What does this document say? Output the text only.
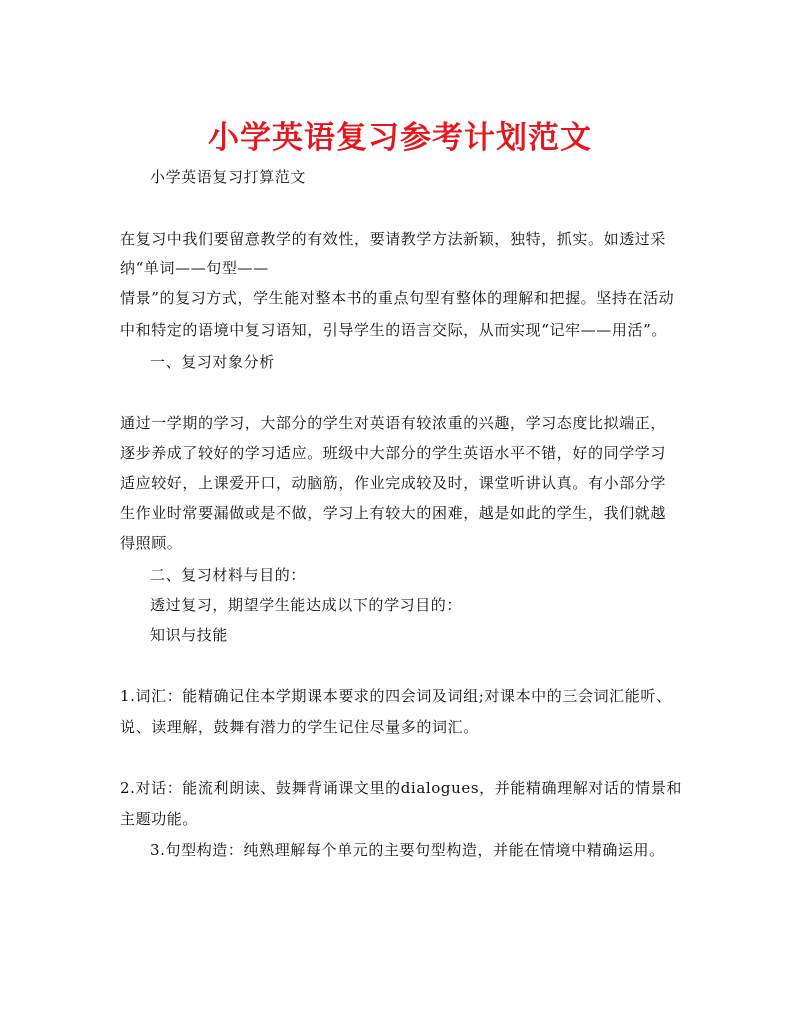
小学英语复习参考计划范文
小学英语复习打算范文
在复习中我们要留意教学的有效性，要请教学方法新颖，独特，抓实。如透过采
纳“单词——句型——
情景”的复习方式，学生能对整本书的重点句型有整体的理解和把握。坚持在活动
中和特定的语境中复习语知，引导学生的语言交际，从而实现“记牢——用活”。
一、复习对象分析
通过一学期的学习，大部分的学生对英语有较浓重的兴趣，学习态度比拟端正，
逐步养成了较好的学习适应。班级中大部分的学生英语水平不错，好的同学学习
适应较好，上课爱开口，动脑筋，作业完成较及时，课堂听讲认真。有小部分学
生作业时常要漏做或是不做，学习上有较大的困难，越是如此的学生，我们就越
得照顾。
二、复习材料与目的：
透过复习，期望学生能达成以下的学习目的：
知识与技能
1.词汇：能精确记住本学期课本要求的四会词及词组;对课本中的三会词汇能听、
说、读理解，鼓舞有潜力的学生记住尽量多的词汇。
2.对话：能流利朗读、鼓舞背诵课文里的dialogues，并能精确理解对话的情景和
主题功能。
3.句型构造：纯熟理解每个单元的主要句型构造，并能在情境中精确运用。
